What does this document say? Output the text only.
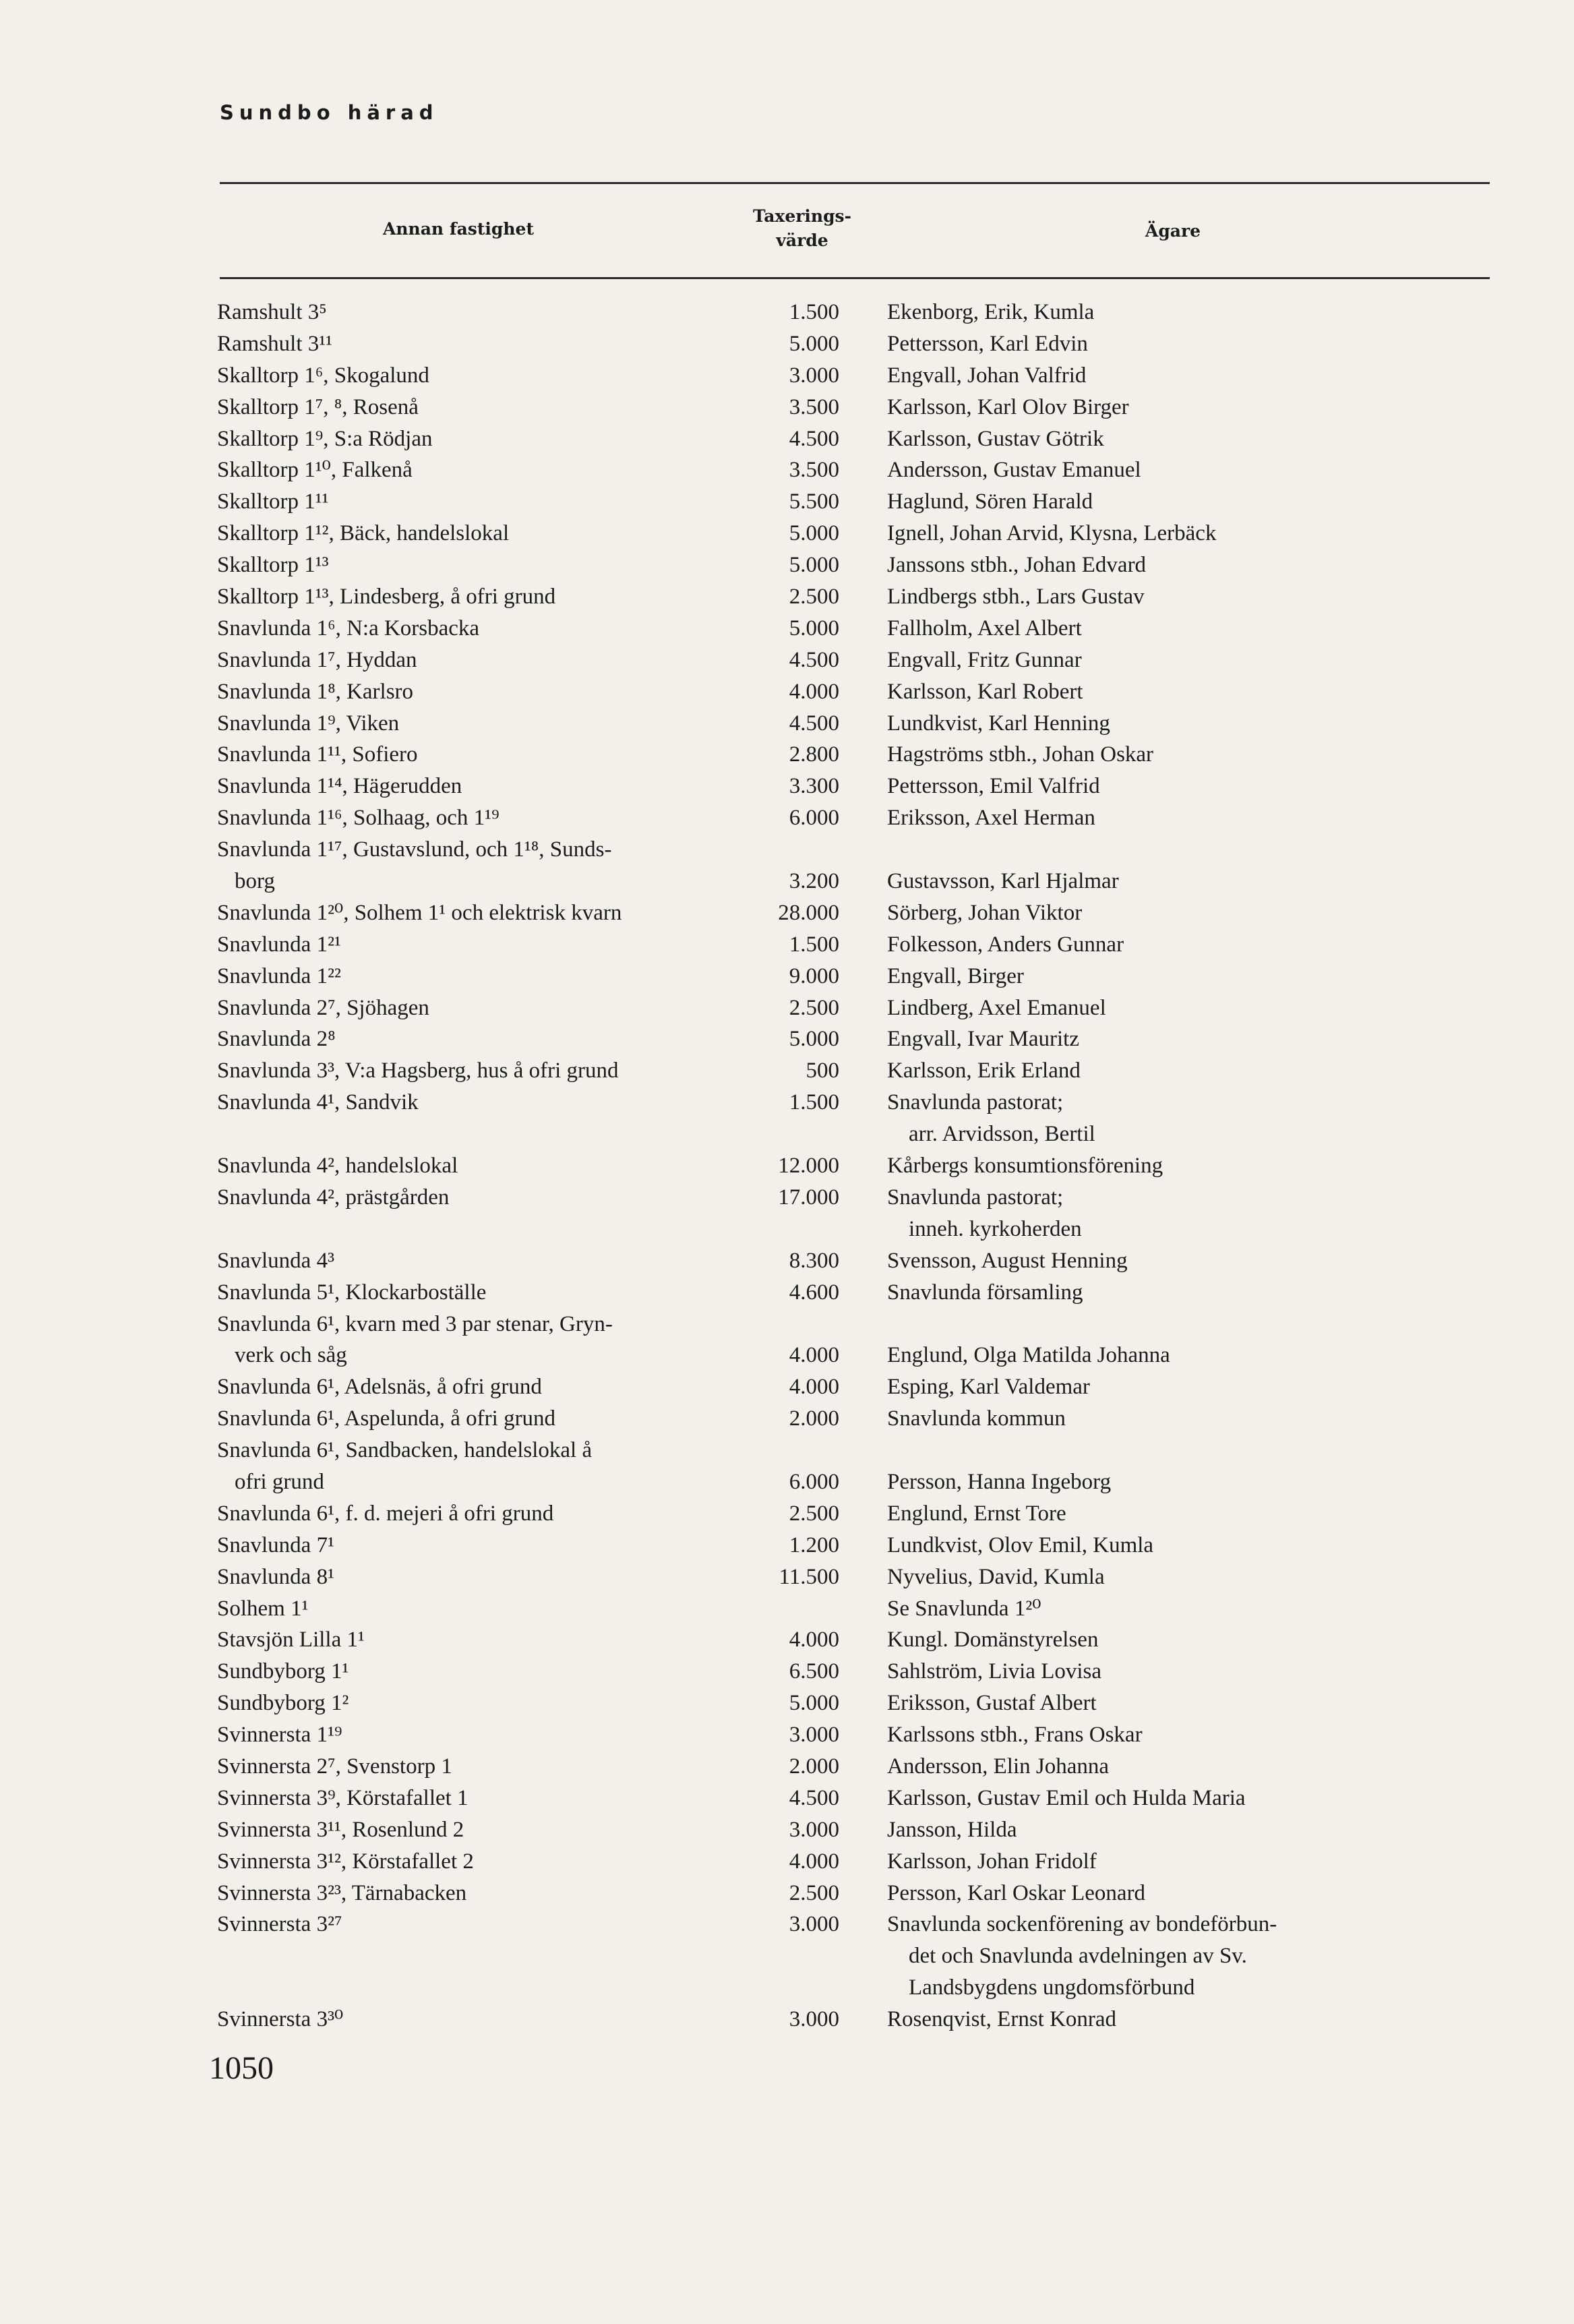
Sundbo härad
Annan fastighet
Taxerings-värde	Ägare
Ramshult 3⁵	1.500 Ekenborg, Erik, Kumla
Ramshult 3¹¹	5.000 Pettersson, Karl Edvin
Skalltorp 1⁶, Skogalund	3.000 Engvall, Johan Valfrid
Skalltorp 1⁷, ⁸, Rosenå	3.500 Karlsson, Karl Olov Birger
Skalltorp 1⁹, S:a Rödjan	4.500 Karlsson, Gustav Götrik
Skalltorp 1¹⁰, Falkenå	3.500 Andersson, Gustav Emanuel
Skalltorp 1¹¹	5.500 Haglund, Sören Harald
Skalltorp 1¹², Bäck, handelslokal	5.000 Ignell, Johan Arvid, Klysna, Lerbäck
Skalltorp 1¹³	5.000 Janssons stbh., Johan Edvard
Skalltorp 1¹³, Lindesberg, å ofri grund	2.500 Lindbergs stbh., Lars Gustav
Snavlunda 1⁶, N:a Korsbacka	5.000 Fallholm, Axel Albert
Snavlunda 1⁷, Hyddan	4.500 Engvall, Fritz Gunnar
Snavlunda 1⁸, Karlsro	4.000 Karlsson, Karl Robert
Snavlunda 1⁹, Viken	4.500 Lundkvist, Karl Henning
Snavlunda 1¹¹, Sofiero	2.800 Hagströms stbh., Johan Oskar
Snavlunda 1¹⁴, Hägerudden	3.300 Pettersson, Emil Valfrid
Snavlunda 1¹⁶, Solhaag, och 1¹⁹	6.000 Eriksson, Axel Herman
Snavlunda 1¹⁷, Gustavslund, och 1¹⁸, Sunds-
borg	3.200 Gustavsson, Karl Hjalmar
Snavlunda 1²⁰, Solhem 1¹ och elektrisk kvarn	28.000 Sörberg, Johan Viktor
Snavlunda 1²¹	1.500 Folkesson, Anders Gunnar
Snavlunda 1²²	9.000 Engvall, Birger
Snavlunda 2⁷, Sjöhagen	2.500 Lindberg, Axel Emanuel
Snavlunda 2⁸	5.000 Engvall, Ivar Mauritz
Snavlunda 3³, V:a Hagsberg, hus å ofri grund	500 Karlsson, Erik Erland
Snavlunda 4¹, Sandvik	1.500 Snavlunda pastorat;
arr. Arvidsson, Bertil
Snavlunda 4², handelslokal	12.000 Kårbergs konsumtionsförening
Snavlunda 4², prästgården	17.000 Snavlunda pastorat;
inneh. kyrkoherden
Snavlunda 4³	8.300 Svensson, August Henning
Snavlunda 5¹, Klockarboställe	4.600 Snavlunda församling
Snavlunda 6¹, kvarn med 3 par stenar, Gryn-
verk och såg	4.000 Englund, Olga Matilda Johanna
Snavlunda 6¹, Adelsnäs, å ofri grund	4.000 Esping, Karl Valdemar
Snavlunda 6¹, Aspelunda, å ofri grund	2.000 Snavlunda kommun
Snavlunda 6¹, Sandbacken, handelslokal å
ofri grund	6.000 Persson, Hanna Ingeborg
Snavlunda 6¹, f. d. mejeri å ofri grund	2.500 Englund, Ernst Tore
Snavlunda 7¹	1.200 Lundkvist, Olov Emil, Kumla
Snavlunda 8¹	11.500 Nyvelius, David, Kumla
Solhem 1¹	Se Snavlunda 1²⁰
Stavsjön Lilla 1¹	4.000 Kungl. Domänstyrelsen
Sundbyborg 1¹	6.500 Sahlström, Livia Lovisa
Sundbyborg 1²	5.000 Eriksson, Gustaf Albert
Svinnersta 1¹⁹	3.000 Karlssons stbh., Frans Oskar
Svinnersta 2⁷, Svenstorp 1	2.000 Andersson, Elin Johanna
Svinnersta 3⁹, Körstafallet 1	4.500 Karlsson, Gustav Emil och Hulda Maria
Svinnersta 3¹¹, Rosenlund 2	3.000 Jansson, Hilda
Svinnersta 3¹², Körstafallet 2	4.000 Karlsson, Johan Fridolf
Svinnersta 3²³, Tärnabacken	2.500 Persson, Karl Oskar Leonard
Svinnersta 3²⁷	3.000 Snavlunda sockenförening av bondeförbun-
det och Snavlunda avdelningen av Sv.
Landsbygdens ungdomsförbund
Svinnersta 3³⁰	3.000 Rosenqvist, Ernst Konrad
1050
